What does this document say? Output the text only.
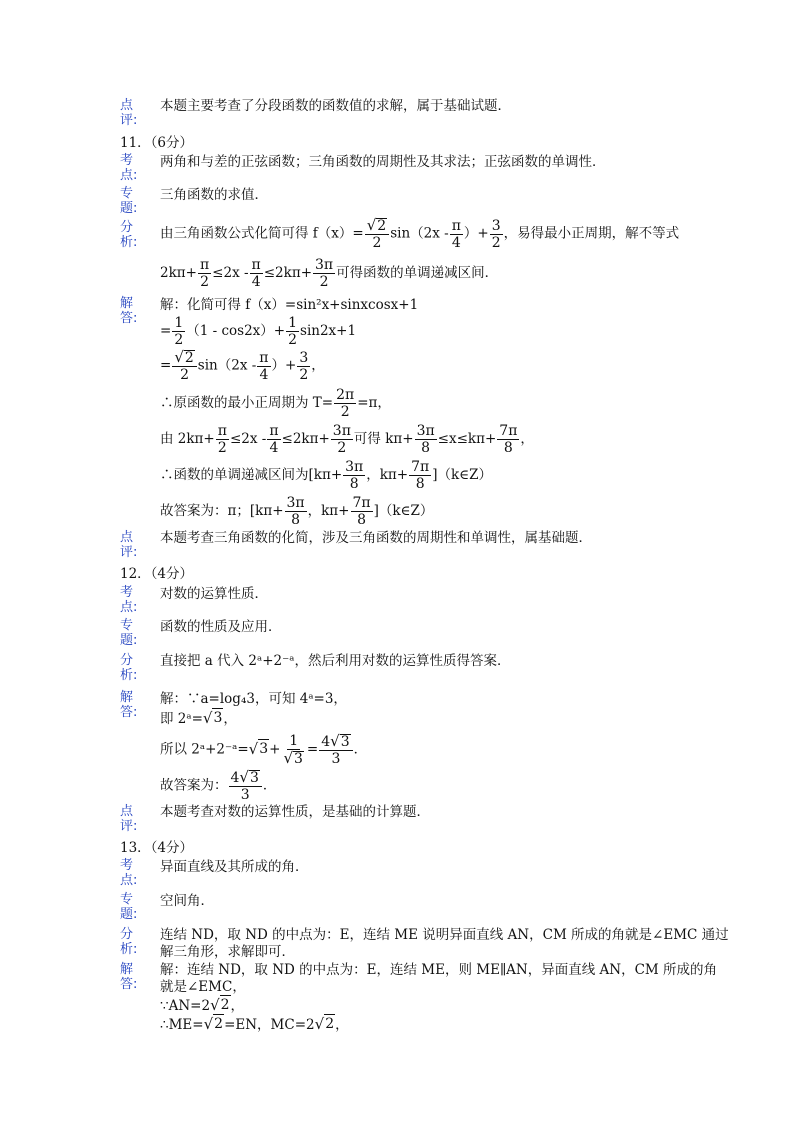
点
评:
本题主要考查了分段函数的函数值的求解，属于基础试题．
11．（6分）
考
点:
两角和与差的正弦函数；三角函数的周期性及其求法；正弦函数的单调性．
专
题:
三角函数的求值．
分
析:
由三角函数公式化简可得 $f(x)= \frac{√ 2}{2} \sin(2x - \frac{\pi}{4}$ ）+ $\frac{3}{2}$ ，易得最小正周期，解不等式
$2k\pi+ \frac{\pi}{2} \le 2x - \frac{\pi}{4} \le 2k\pi+ \frac{3\pi}{2}$ 可得函数的单调递减区间．
解
答:
解：化简可得 f（x）=sin²x+sinxcosx+1
= $\frac{1}{2} (1 - \cos 2x)+ \frac{1}{2} \sin 2x+1$
= $\frac{√ 2}{2} \sin(2x - \frac{\pi}{4}$ ）+ $\frac{3}{2}$ ，
∴原函数的最小正周期为 $T= \frac{2\pi}{2} =\pi$，
由 $2k\pi+ \frac{\pi}{2} \le 2x - \frac{\pi}{4} \le 2k\pi+ \frac{3\pi}{2}$ 可得 $k\pi+ \frac{3\pi}{8} \le x\le k\pi+ \frac{7\pi}{8}$ ，
∴函数的单调递减区间为[$k\pi+ \frac{3\pi}{8}$ ，$k\pi+ \frac{7\pi}{8}$ ]（k∈Z）
故答案为：π；[$k\pi+ \frac{3\pi}{8}$ ，$k\pi+ \frac{7\pi}{8}$ ]（k∈Z）
点
评:
本题考查三角函数的化简，涉及三角函数的周期性和单调性，属基础题．
12．（4分）
考
点:
对数的运算性质．
专
题:
函数的性质及应用．
分
析:
直接把 a 代入 2ᵃ+2⁻ᵃ，然后利用对数的运算性质得答案．
解
答:
解：∵a=log₄3，可知 4ᵃ=3，
即 2ᵃ= √ 3 ，
所以 2ᵃ+2⁻ᵃ= √ $3 + \frac{1}{√ 3} = \frac{4 √ 3}{3}$ ．
故答案为： $\frac{4 √ 3}{3}$ ．
点
评:
本题考查对数的运算性质，是基础的计算题．
13．（4分）
考
点:
异面直线及其所成的角．
专
题:
空间角．
分
析:
连结 ND，取 ND 的中点为：E，连结 ME 说明异面直线 AN，CM 所成的角就是∠EMC 通过
解三角形，求解即可．
解
答:
解：连结 ND，取 ND 的中点为：E，连结 ME，则 ME∥AN，异面直线 AN，CM 所成的角
就是∠EMC，
∵AN=2 √ 2 ，
∴ME= √ 2 =EN，MC=2 √ 2 ，
